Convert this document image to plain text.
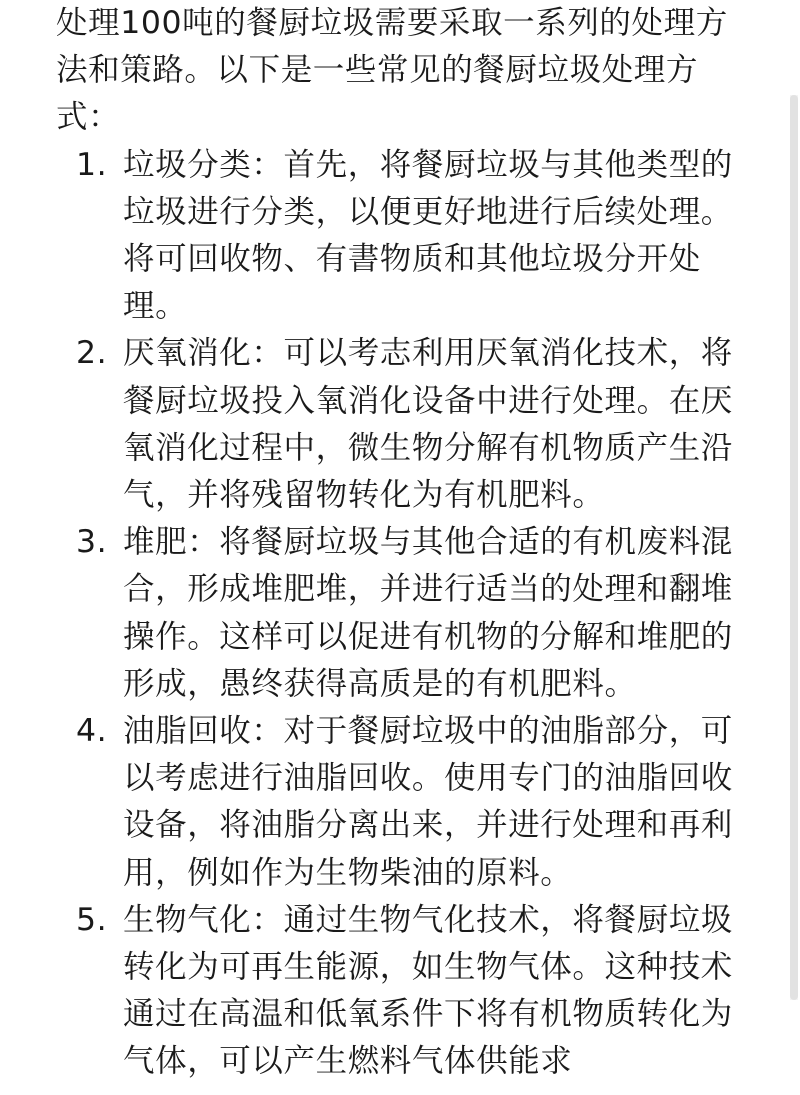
处理100吨的餐厨垃圾需要采取一系列的处理方法和策路。以下是一些常见的餐厨垃圾处理方式：

1. 垃圾分类：首先，将餐厨垃圾与其他类型的垃圾进行分类，以便更好地进行后续处理。将可回收物、有書物质和其他垃圾分开处理。
2. 厌氧消化：可以考志利用厌氧消化技术，将餐厨垃圾投入氧消化设备中进行处理。在厌氧消化过程中，微生物分解有机物质产生沿气，并将残留物转化为有机肥料。
3. 堆肥：将餐厨垃圾与其他合适的有机废料混合，形成堆肥堆，并进行适当的处理和翻堆操作。这样可以促进有机物的分解和堆肥的形成，愚终获得高质是的有机肥料。
4. 油脂回收：对于餐厨垃圾中的油脂部分，可以考虑进行油脂回收。使用专门的油脂回收设备，将油脂分离出来，并进行处理和再利用，例如作为生物柴油的原料。
5. 生物气化：通过生物气化技术，将餐厨垃圾转化为可再生能源，如生物气体。这种技术通过在高温和低氧系件下将有机物质转化为气体，可以产生燃料气体供能求
